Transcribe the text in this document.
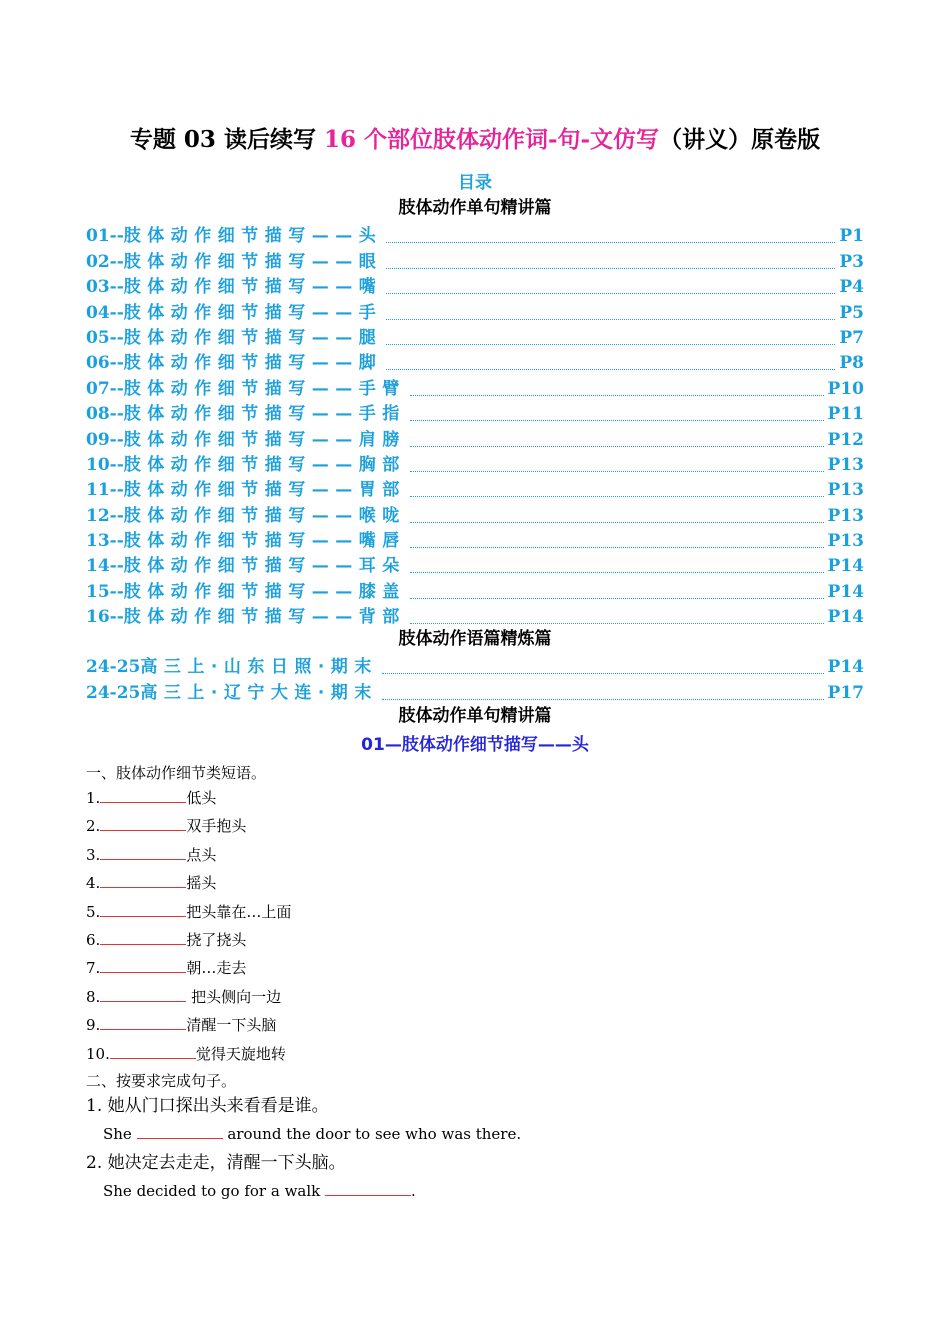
专题 03 读后续写 16 个部位肢体动作词-句-文仿写（讲义）原卷版
目录
肢体动作单句精讲篇
01-- 肢体动作细节描写——头	P1
02-- 肢体动作细节描写——眼	P3
03-- 肢体动作细节描写——嘴	P4
04-- 肢体动作细节描写——手	P5
05-- 肢体动作细节描写——腿	P7
06-- 肢体动作细节描写——脚	P8
07-- 肢体动作细节描写——手臂	P10
08-- 肢体动作细节描写——手指	P11
09-- 肢体动作细节描写——肩膀	P12
10-- 肢体动作细节描写——胸部	P13
11-- 肢体动作细节描写——胃部	P13
12-- 肢体动作细节描写——喉咙	P13
13-- 肢体动作细节描写——嘴唇	P13
14-- 肢体动作细节描写——耳朵	P14
15-- 肢体动作细节描写——膝盖	P14
16-- 肢体动作细节描写——背部	P14
肢体动作语篇精炼篇
24-25 高三上·山东日照·期末	P14
24-25 高三上·辽宁大连·期末	P17
肢体动作单句精讲篇
01—肢体动作细节描写——头
一、肢体动作细节类短语。
1.	低头
2.	双手抱头
3.	点头
4.	摇头
5.	把头靠在…上面
6.	挠了挠头
7.	朝…走去
8.	把头侧向一边
9.	清醒一下头脑
10.	觉得天旋地转
二、按要求完成句子。
1. 她从门口探出头来看看是谁。
She	around the door to see who was there.
2. 她决定去走走，清醒一下头脑。
She decided to go for a walk	.
